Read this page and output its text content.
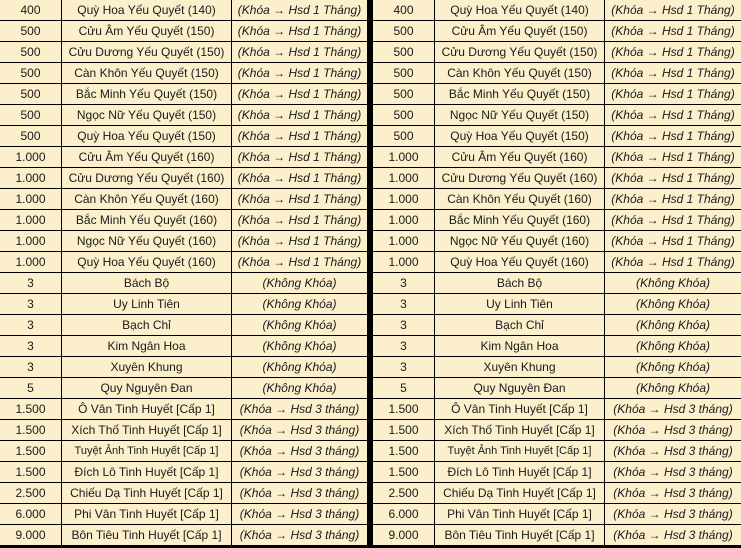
400	Quỳ Hoa Yếu Quyết (140)	(Khóa → Hsd 1 Tháng)
500	Cửu Âm Yếu Quyết (150)	(Khóa → Hsd 1 Tháng)
500	Cửu Dương Yếu Quyết (150)	(Khóa → Hsd 1 Tháng)
500	Càn Khôn Yếu Quyết (150)	(Khóa → Hsd 1 Tháng)
500	Bắc Minh Yếu Quyết (150)	(Khóa → Hsd 1 Tháng)
500	Ngọc Nữ Yếu Quyết (150)	(Khóa → Hsd 1 Tháng)
500	Quỳ Hoa Yếu Quyết (150)	(Khóa → Hsd 1 Tháng)
1.000	Cửu Âm Yếu Quyết (160)	(Khóa → Hsd 1 Tháng)
1.000	Cửu Dương Yếu Quyết (160)	(Khóa → Hsd 1 Tháng)
1.000	Càn Khôn Yếu Quyết (160)	(Khóa → Hsd 1 Tháng)
1.000	Bắc Minh Yếu Quyết (160)	(Khóa → Hsd 1 Tháng)
1.000	Ngọc Nữ Yếu Quyết (160)	(Khóa → Hsd 1 Tháng)
1.000	Quỳ Hoa Yếu Quyết (160)	(Khóa → Hsd 1 Tháng)
3	Bách Bộ	(Không Khóa)
3	Uy Linh Tiên	(Không Khóa)
3	Bạch Chỉ	(Không Khóa)
3	Kim Ngân Hoa	(Không Khóa)
3	Xuyên Khung	(Không Khóa)
5	Quy Nguyên Đan	(Không Khóa)
1.500	Ô Vân Tinh Huyết [Cấp 1]	(Khóa → Hsd 3 tháng)
1.500	Xích Thố Tinh Huyết [Cấp 1]	(Khóa → Hsd 3 tháng)
1.500	Tuyệt Ảnh Tinh Huyết [Cấp 1]	(Khóa → Hsd 3 tháng)
1.500	Đích Lô Tinh Huyết [Cấp 1]	(Khóa → Hsd 3 tháng)
2.500	Chiếu Dạ Tinh Huyết [Cấp 1]	(Khóa → Hsd 3 tháng)
6.000	Phi Vân Tinh Huyết [Cấp 1]	(Khóa → Hsd 3 tháng)
9.000	Bôn Tiêu Tinh Huyết [Cấp 1]	(Khóa → Hsd 3 tháng)
400	Quỳ Hoa Yếu Quyết (140)	(Khóa → Hsd 1 Tháng)
500	Cửu Âm Yếu Quyết (150)	(Khóa → Hsd 1 Tháng)
500	Cửu Dương Yếu Quyết (150)	(Khóa → Hsd 1 Tháng)
500	Càn Khôn Yếu Quyết (150)	(Khóa → Hsd 1 Tháng)
500	Bắc Minh Yếu Quyết (150)	(Khóa → Hsd 1 Tháng)
500	Ngọc Nữ Yếu Quyết (150)	(Khóa → Hsd 1 Tháng)
500	Quỳ Hoa Yếu Quyết (150)	(Khóa → Hsd 1 Tháng)
1.000	Cửu Âm Yếu Quyết (160)	(Khóa → Hsd 1 Tháng)
1.000	Cửu Dương Yếu Quyết (160)	(Khóa → Hsd 1 Tháng)
1.000	Càn Khôn Yếu Quyết (160)	(Khóa → Hsd 1 Tháng)
1.000	Bắc Minh Yếu Quyết (160)	(Khóa → Hsd 1 Tháng)
1.000	Ngọc Nữ Yếu Quyết (160)	(Khóa → Hsd 1 Tháng)
1.000	Quỳ Hoa Yếu Quyết (160)	(Khóa → Hsd 1 Tháng)
3	Bách Bộ	(Không Khóa)
3	Uy Linh Tiên	(Không Khóa)
3	Bạch Chỉ	(Không Khóa)
3	Kim Ngân Hoa	(Không Khóa)
3	Xuyên Khung	(Không Khóa)
5	Quy Nguyên Đan	(Không Khóa)
1.500	Ô Vân Tinh Huyết [Cấp 1]	(Khóa → Hsd 3 tháng)
1.500	Xích Thố Tinh Huyết [Cấp 1]	(Khóa → Hsd 3 tháng)
1.500	Tuyệt Ảnh Tinh Huyết [Cấp 1]	(Khóa → Hsd 3 tháng)
1.500	Đích Lô Tinh Huyết [Cấp 1]	(Khóa → Hsd 3 tháng)
2.500	Chiếu Dạ Tinh Huyết [Cấp 1]	(Khóa → Hsd 3 tháng)
6.000	Phi Vân Tinh Huyết [Cấp 1]	(Khóa → Hsd 3 tháng)
9.000	Bôn Tiêu Tinh Huyết [Cấp 1]	(Khóa → Hsd 3 tháng)
